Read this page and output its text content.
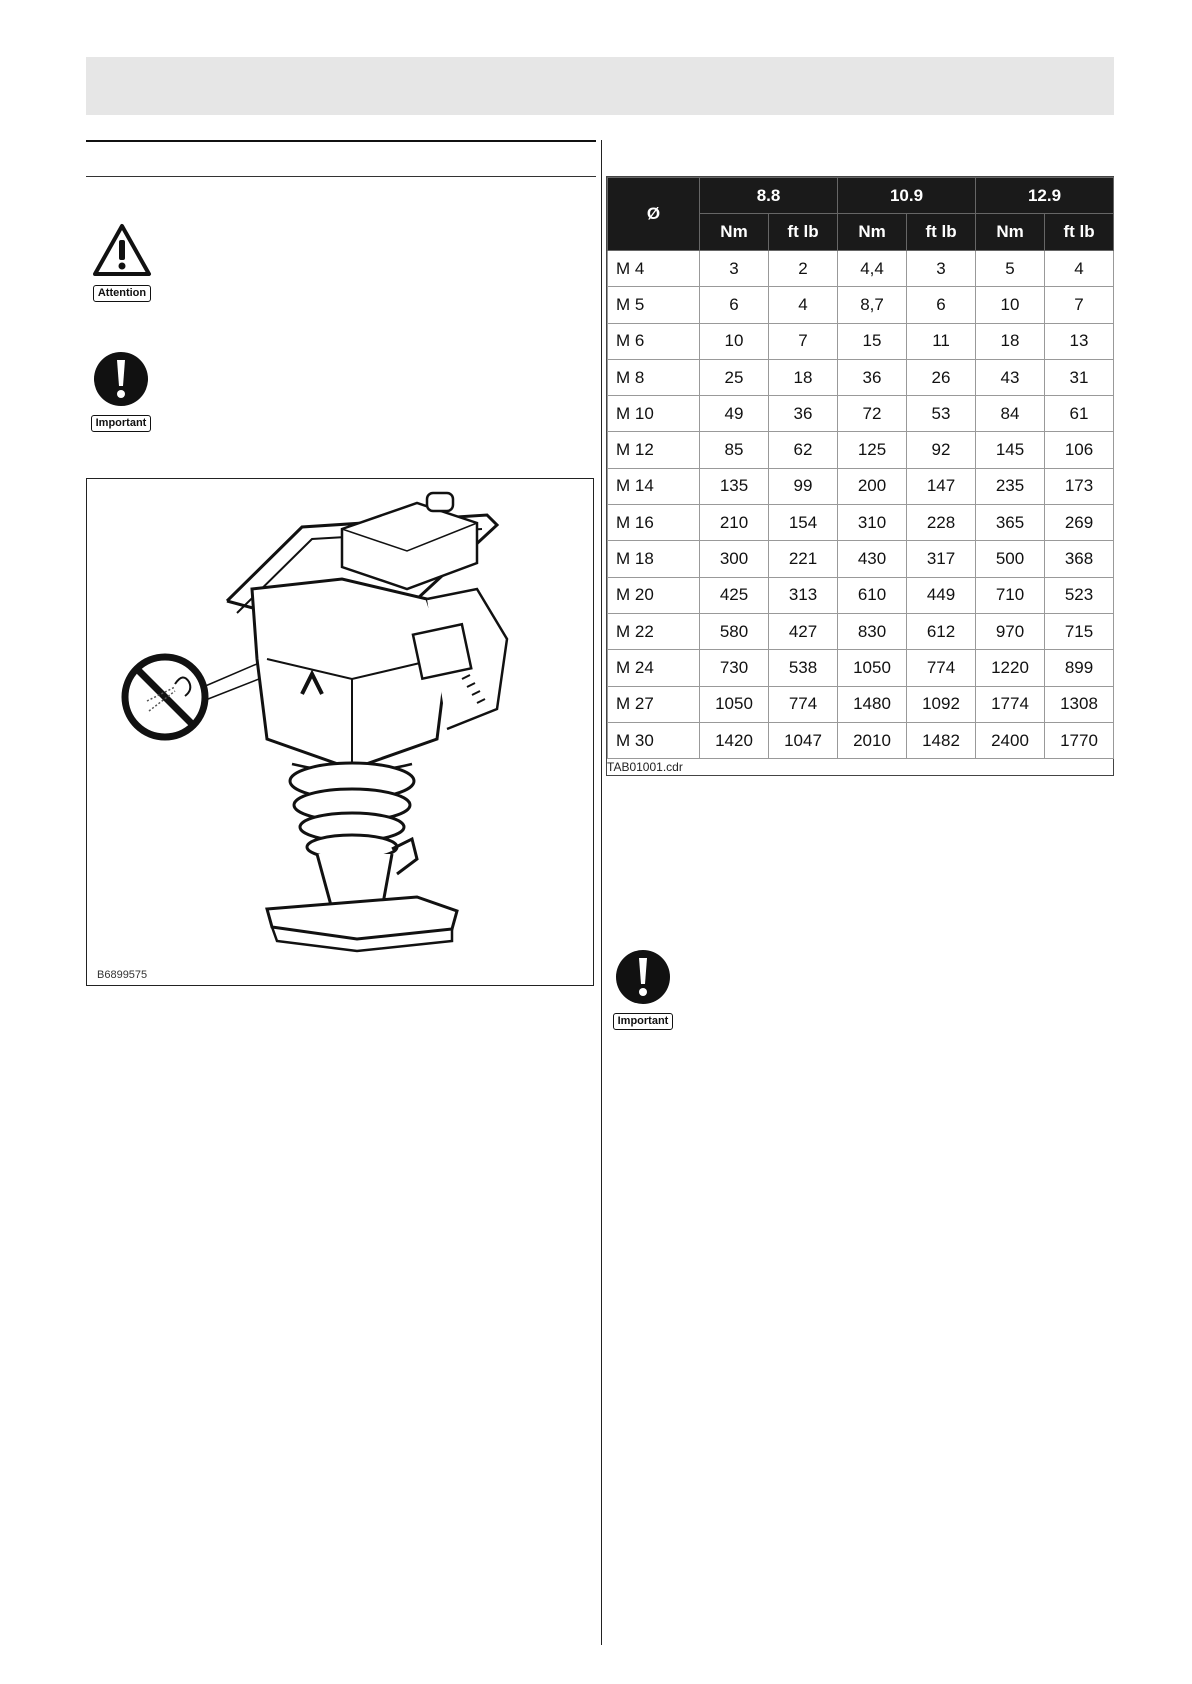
Attention
Important
B6899575
Ø	8.8		10.9		12.9	
	Nm	ft lb	Nm	ft lb	Nm	ft lb
M 4	3	2	4,4	3	5	4
M 5	6	4	8,7	6	10	7
M 6	10	7	15	11	18	13
M 8	25	18	36	26	43	31
M 10	49	36	72	53	84	61
M 12	85	62	125	92	145	106
M 14	135	99	200	147	235	173
M 16	210	154	310	228	365	269
M 18	300	221	430	317	500	368
M 20	425	313	610	449	710	523
M 22	580	427	830	612	970	715
M 24	730	538	1050	774	1220	899
M 27	1050	774	1480	1092	1774	1308
M 30	1420	1047	2010	1482	2400	1770
TAB01001.cdr
Important
